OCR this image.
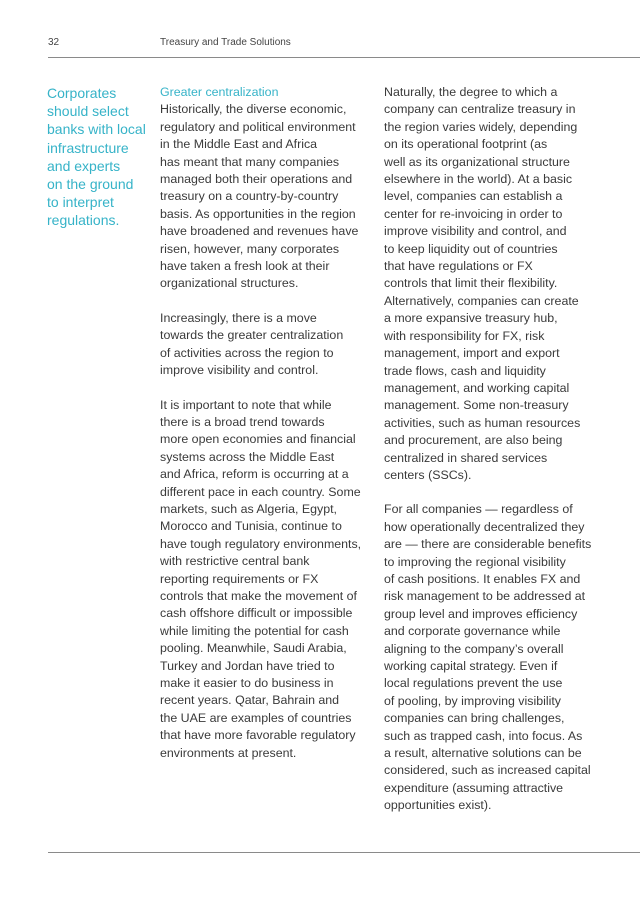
32	Treasury and Trade Solutions
Corporates
should select
banks with local
infrastructure
and experts
on the ground
to interpret
regulations.
Greater centralization

Historically, the diverse economic,
regulatory and political environment
in the Middle East and Africa
has meant that many companies
managed both their operations and
treasury on a country-by-country
basis. As opportunities in the region
have broadened and revenues have
risen, however, many corporates
have taken a fresh look at their
organizational structures.

Increasingly, there is a move
towards the greater centralization
of activities across the region to
improve visibility and control.

It is important to note that while
there is a broad trend towards
more open economies and financial
systems across the Middle East
and Africa, reform is occurring at a
different pace in each country. Some
markets, such as Algeria, Egypt,
Morocco and Tunisia, continue to
have tough regulatory environments,
with restrictive central bank
reporting requirements or FX
controls that make the movement of
cash offshore difficult or impossible
while limiting the potential for cash
pooling. Meanwhile, Saudi Arabia,
Turkey and Jordan have tried to
make it easier to do business in
recent years. Qatar, Bahrain and
the UAE are examples of countries
that have more favorable regulatory
environments at present.

Naturally, the degree to which a
company can centralize treasury in
the region varies widely, depending
on its operational footprint (as
well as its organizational structure
elsewhere in the world). At a basic
level, companies can establish a
center for re-invoicing in order to
improve visibility and control, and
to keep liquidity out of countries
that have regulations or FX
controls that limit their flexibility.
Alternatively, companies can create
a more expansive treasury hub,
with responsibility for FX, risk
management, import and export
trade flows, cash and liquidity
management, and working capital
management. Some non-treasury
activities, such as human resources
and procurement, are also being
centralized in shared services
centers (SSCs).

For all companies — regardless of
how operationally decentralized they
are — there are considerable benefits
to improving the regional visibility
of cash positions. It enables FX and
risk management to be addressed at
group level and improves efficiency
and corporate governance while
aligning to the company’s overall
working capital strategy. Even if
local regulations prevent the use
of pooling, by improving visibility
companies can bring challenges,
such as trapped cash, into focus. As
a result, alternative solutions can be
considered, such as increased capital
expenditure (assuming attractive
opportunities exist).
